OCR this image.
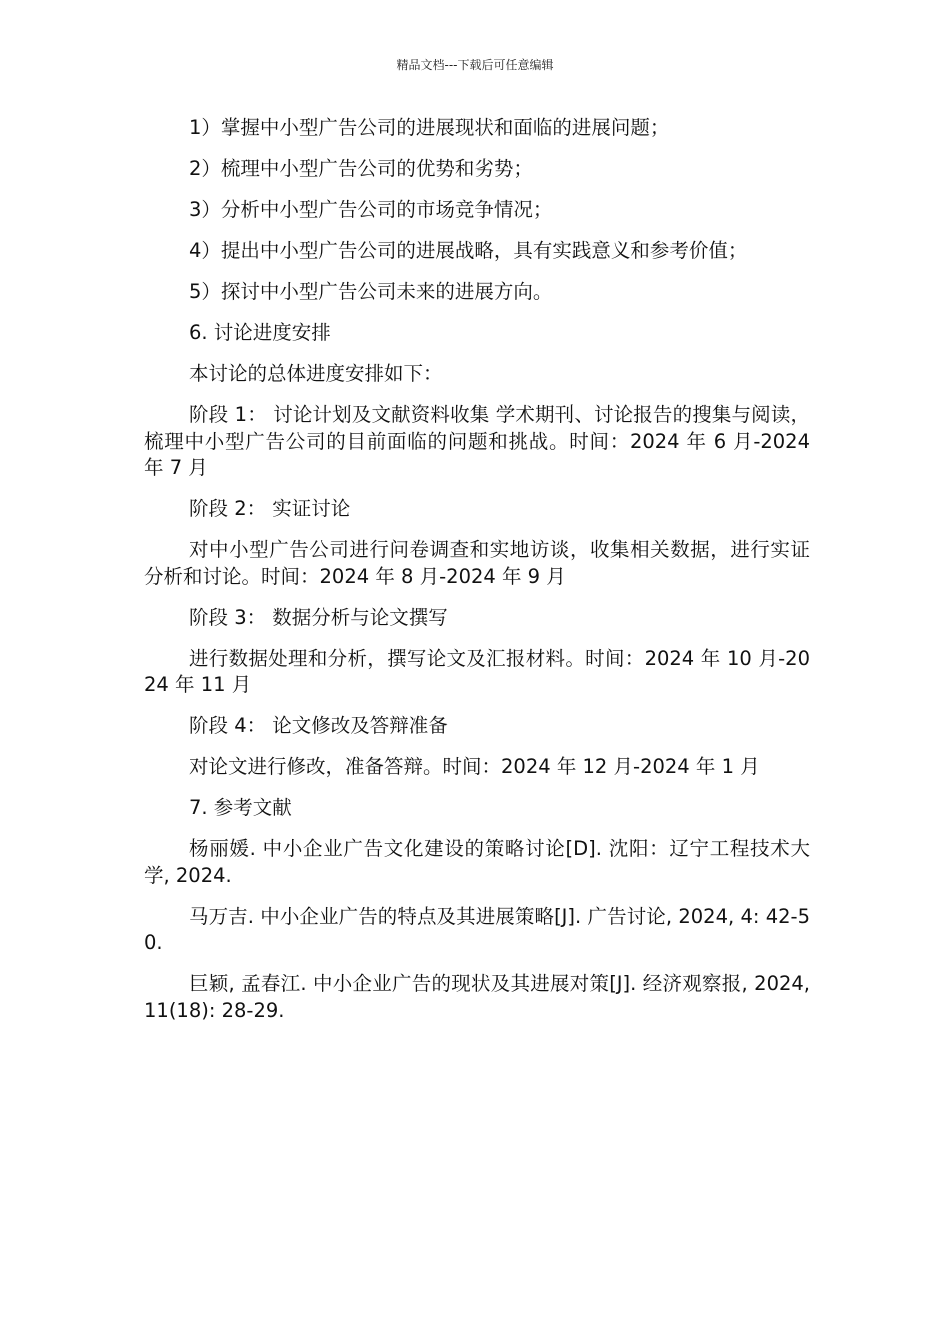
精品文档---下载后可任意编辑

1）掌握中小型广告公司的进展现状和面临的进展问题；

2）梳理中小型广告公司的优势和劣势；

3）分析中小型广告公司的市场竞争情况；

4）提出中小型广告公司的进展战略，具有实践意义和参考价值；

5）探讨中小型广告公司未来的进展方向。

6. 讨论进度安排

本讨论的总体进度安排如下：

阶段 1： 讨论计划及文献资料收集 学术期刊、讨论报告的搜集与阅读，梳理中小型广告公司的目前面临的问题和挑战。时间：2024 年 6 月-2024 年 7 月

阶段 2： 实证讨论

对中小型广告公司进行问卷调查和实地访谈，收集相关数据，进行实证分析和讨论。时间：2024 年 8 月-2024 年 9 月

阶段 3： 数据分析与论文撰写

进行数据处理和分析，撰写论文及汇报材料。时间：2024 年 10 月-2024 年 11 月

阶段 4： 论文修改及答辩准备

对论文进行修改，准备答辩。时间：2024 年 12 月-2024 年 1 月

7. 参考文献

杨丽媛. 中小企业广告文化建设的策略讨论[D]. 沈阳：辽宁工程技术大学, 2024.

马万吉. 中小企业广告的特点及其进展策略[J]. 广告讨论, 2024, 4: 42-50.

巨颖, 孟春江. 中小企业广告的现状及其进展对策[J]. 经济观察报, 2024, 11(18): 28-29.
